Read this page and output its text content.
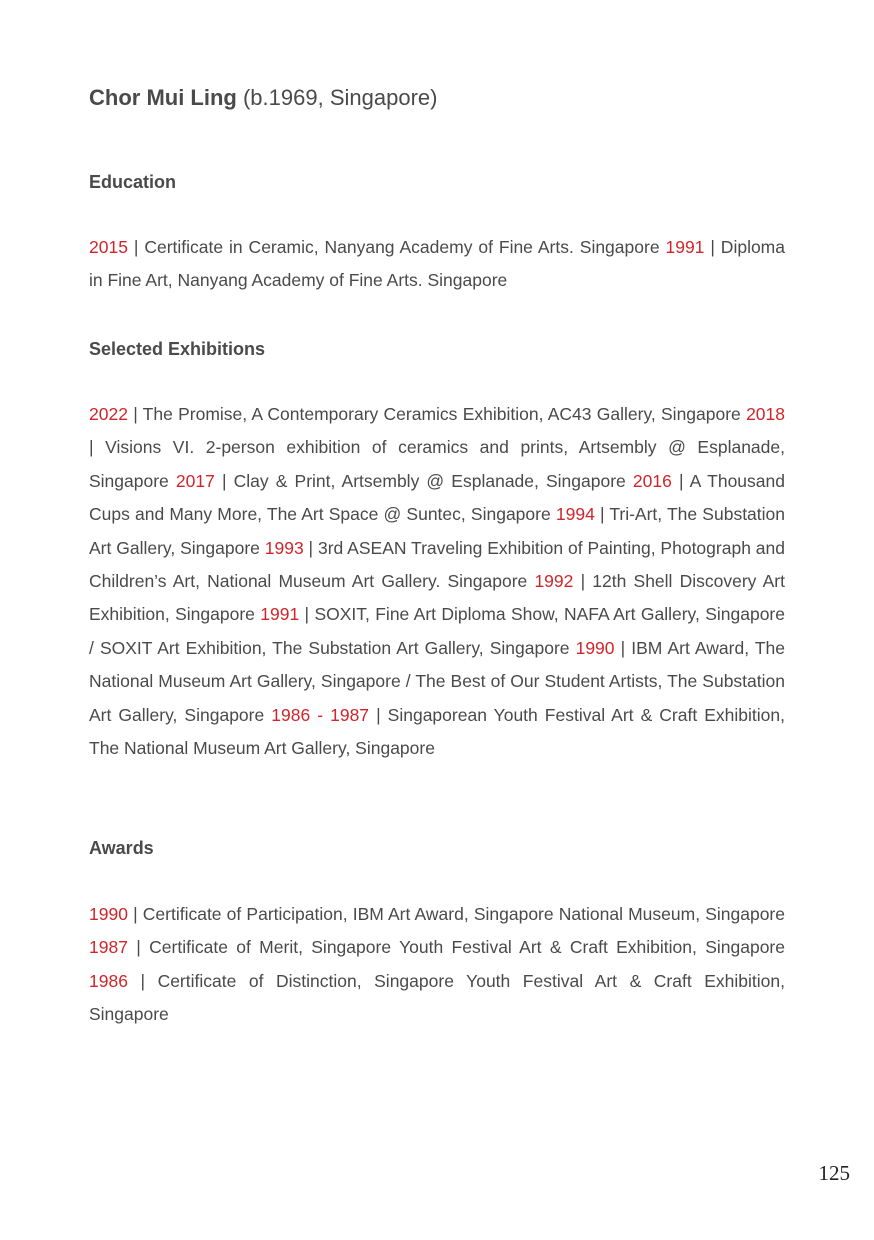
Chor Mui Ling (b.1969, Singapore)
Education
2015 | Certificate in Ceramic, Nanyang Academy of Fine Arts. Singapore 1991 | Diploma in Fine Art, Nanyang Academy of Fine Arts. Singapore
Selected Exhibitions
2022 | The Promise, A Contemporary Ceramics Exhibition, AC43 Gallery, Singapore 2018 | Visions VI. 2-person exhibition of ceramics and prints, Artsembly @ Esplanade, Singapore 2017 | Clay & Print, Artsembly @ Esplanade, Singapore 2016 | A Thousand Cups and Many More, The Art Space @ Suntec, Singapore 1994 | Tri-Art, The Substation Art Gallery, Singapore 1993 | 3rd ASEAN Traveling Exhibition of Painting, Photograph and Children’s Art, National Museum Art Gallery. Singapore 1992 | 12th Shell Discovery Art Exhibition, Singapore 1991 | SOXIT, Fine Art Diploma Show, NAFA Art Gallery, Singapore / SOXIT Art Exhibition, The Substation Art Gallery, Singapore 1990 | IBM Art Award, The National Museum Art Gallery, Singapore / The Best of Our Student Artists, The Substation Art Gallery, Singapore 1986 - 1987 | Singaporean Youth Festival Art & Craft Exhibition, The National Museum Art Gallery, Singapore
Awards
1990 | Certificate of Participation, IBM Art Award, Singapore National Museum, Singapore 1987 | Certificate of Merit, Singapore Youth Festival Art & Craft Exhibition, Singapore 1986 | Certificate of Distinction, Singapore Youth Festival Art & Craft Exhibition, Singapore
125
